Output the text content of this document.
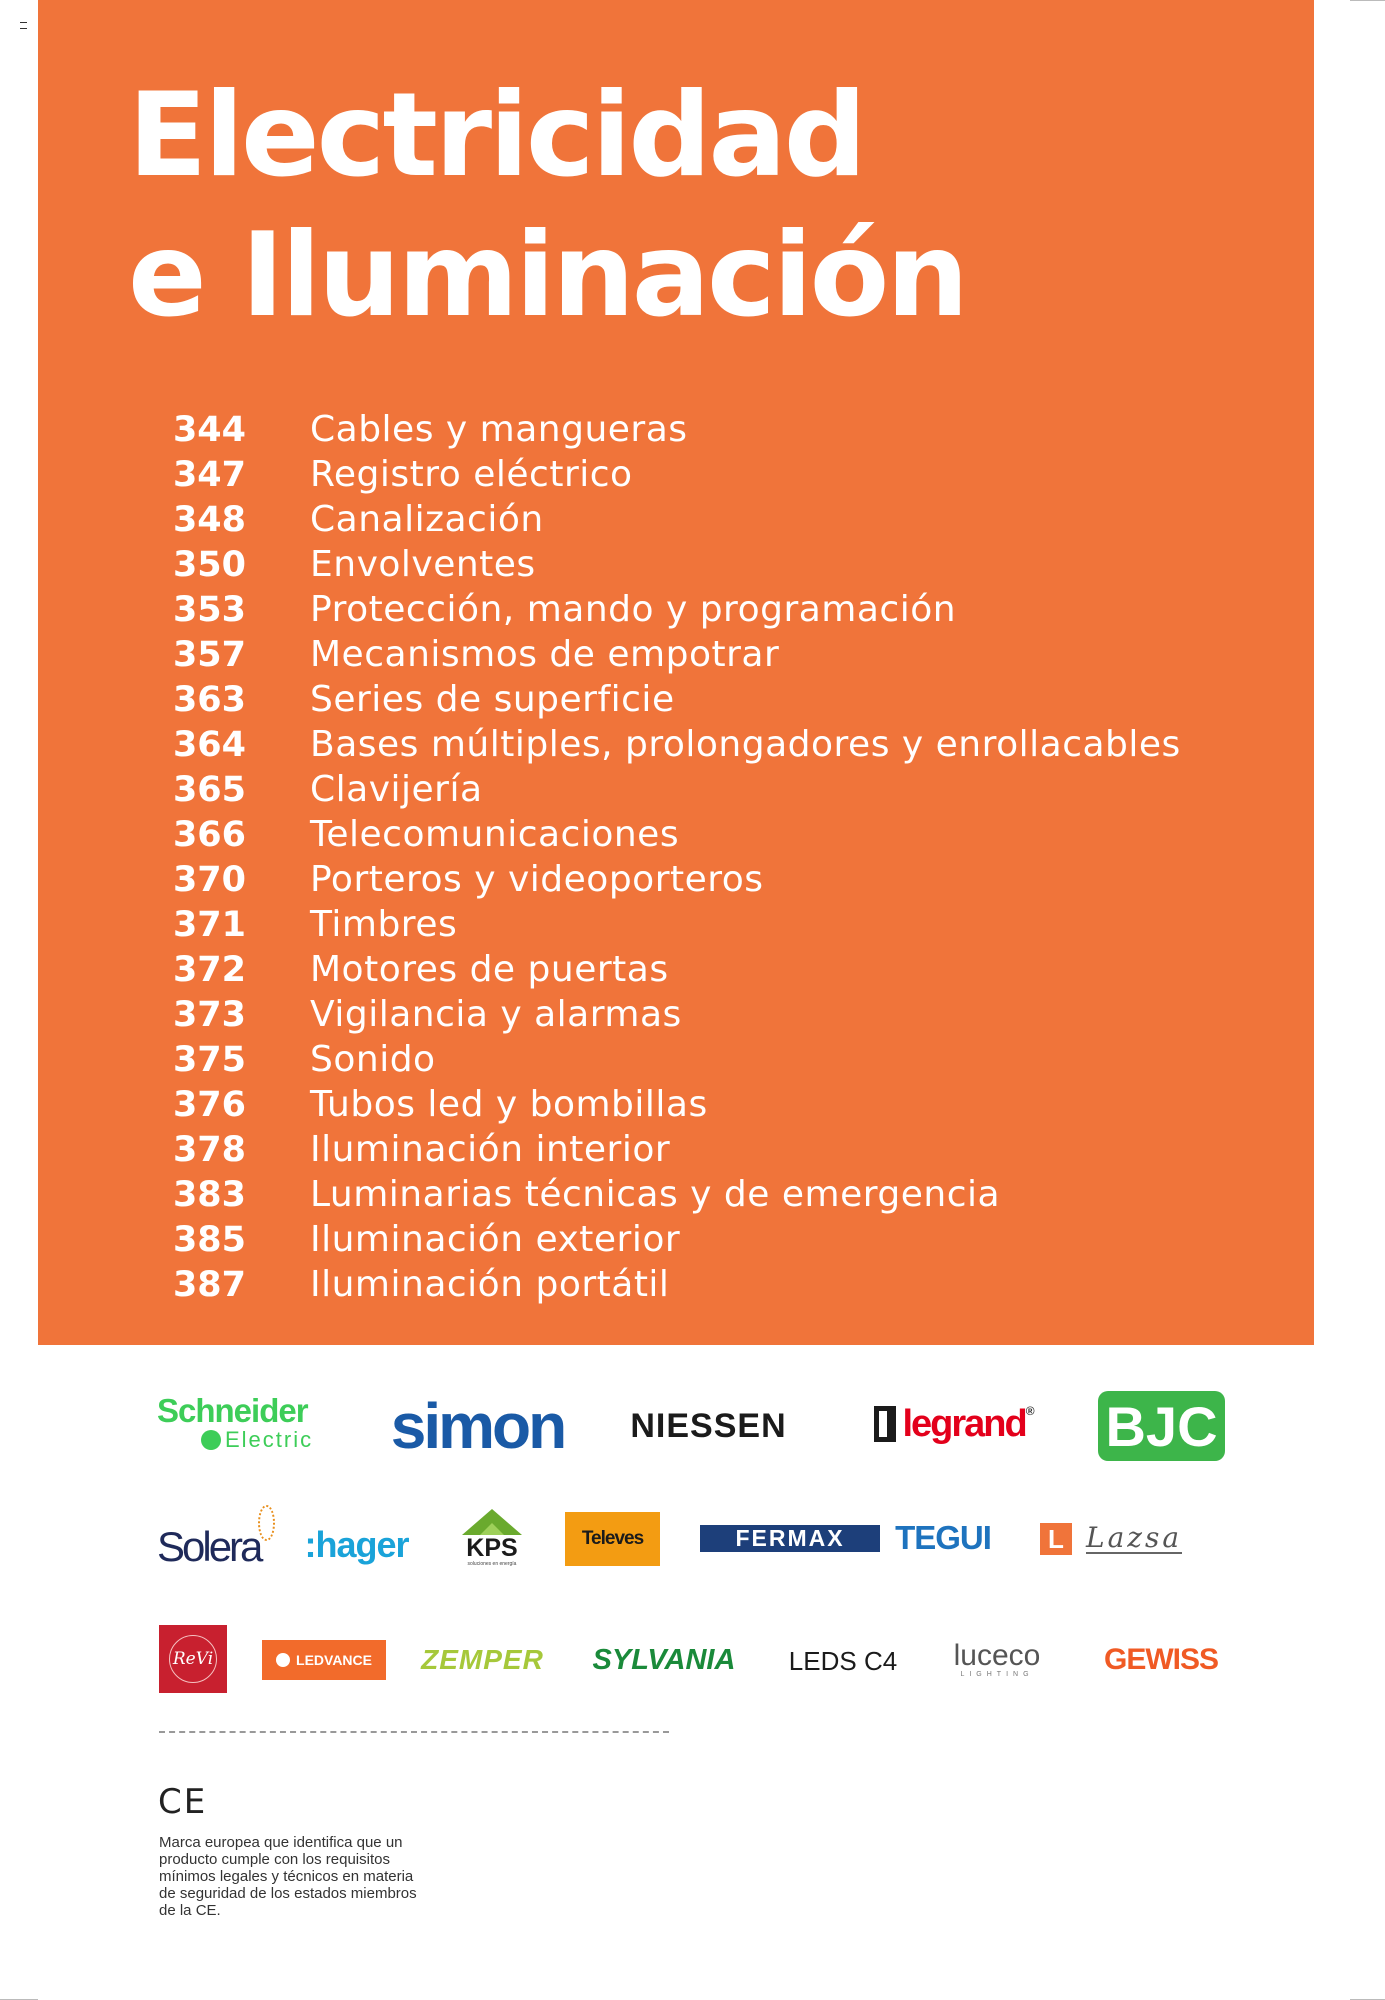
Electricidad
e Iluminación
344 Cables y mangueras
347 Registro eléctrico
348 Canalización
350 Envolventes
353 Protección, mando y programación
357 Mecanismos de empotrar
363 Series de superficie
364 Bases múltiples, prolongadores y enrollacables
365 Clavijería
366 Telecomunicaciones
370 Porteros y videoporteros
371 Timbres
372 Motores de puertas
373 Vigilancia y alarmas
375 Sonido
376 Tubos led y bombillas
378 Iluminación interior
383 Luminarias técnicas y de emergencia
385 Iluminación exterior
387 Iluminación portátil
Schneider
Electric simon	NIESSEN	legrand® BJC
Solera :hager KPS
soluciones en energía
Televes	FERMAX	TEGUI	L Lazsa
ReVi	LEDVANCE ZEMPER	SYLVANIA	LEDS C4 luceco
LIGHTING	GEWISS
CE

Marca europea que identifica que un producto cumple con los requisitos mínimos legales y técnicos en materia de seguridad de los estados miembros de la CE.
